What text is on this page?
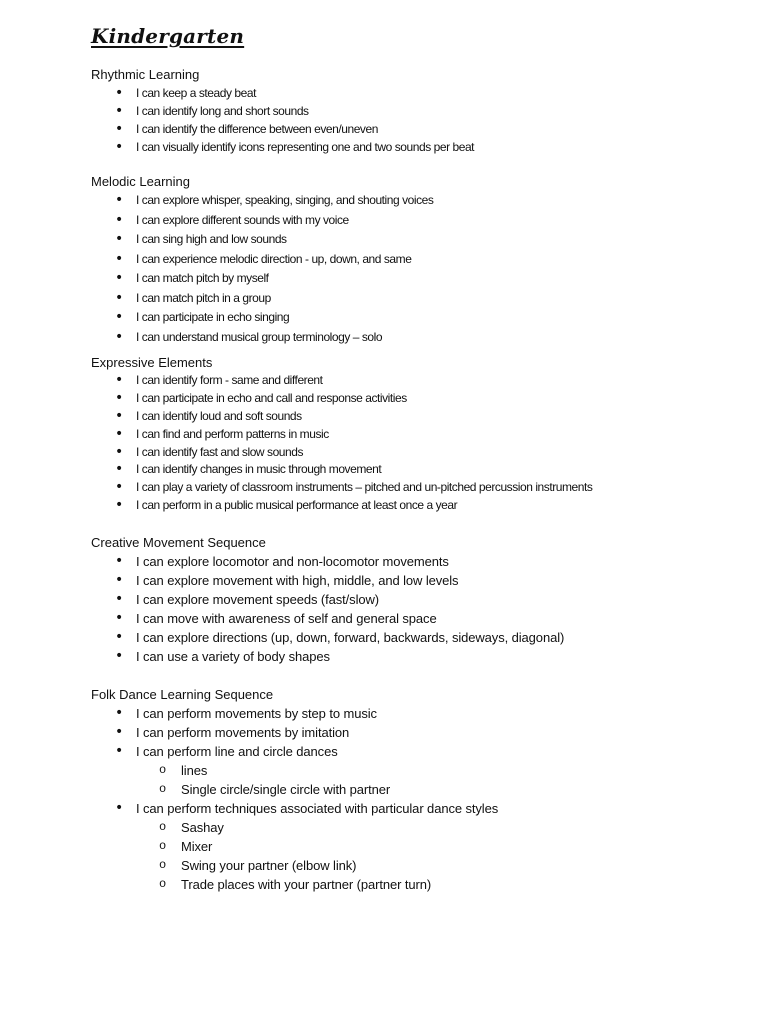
Kindergarten
Rhythmic Learning
• I can keep a steady beat
• I can identify long and short sounds
• I can identify the difference between even/uneven
• I can visually identify icons representing one and two sounds per beat
Melodic Learning
• I can explore whisper, speaking, singing, and shouting voices
• I can explore different sounds with my voice
• I can sing high and low sounds
• I can experience melodic direction - up, down, and same
• I can match pitch by myself
• I can match pitch in a group
• I can participate in echo singing
• I can understand musical group terminology – solo
Expressive Elements
• I can identify form - same and different
• I can participate in echo and call and response activities
• I can identify loud and soft sounds
• I can find and perform patterns in music
• I can identify fast and slow sounds
• I can identify changes in music through movement
• I can play a variety of classroom instruments – pitched and un-pitched percussion instruments
• I can perform in a public musical performance at least once a year
Creative Movement Sequence
• I can explore locomotor and non-locomotor movements
• I can explore movement with high, middle, and low levels
• I can explore movement speeds (fast/slow)
• I can move with awareness of self and general space
• I can explore directions (up, down, forward, backwards, sideways, diagonal)
• I can use a variety of body shapes
Folk Dance Learning Sequence
• I can perform movements by step to music
• I can perform movements by imitation
• I can perform line and circle dances
o lines
o Single circle/single circle with partner
• I can perform techniques associated with particular dance styles
o Sashay
o Mixer
o Swing your partner (elbow link)
o Trade places with your partner (partner turn)
